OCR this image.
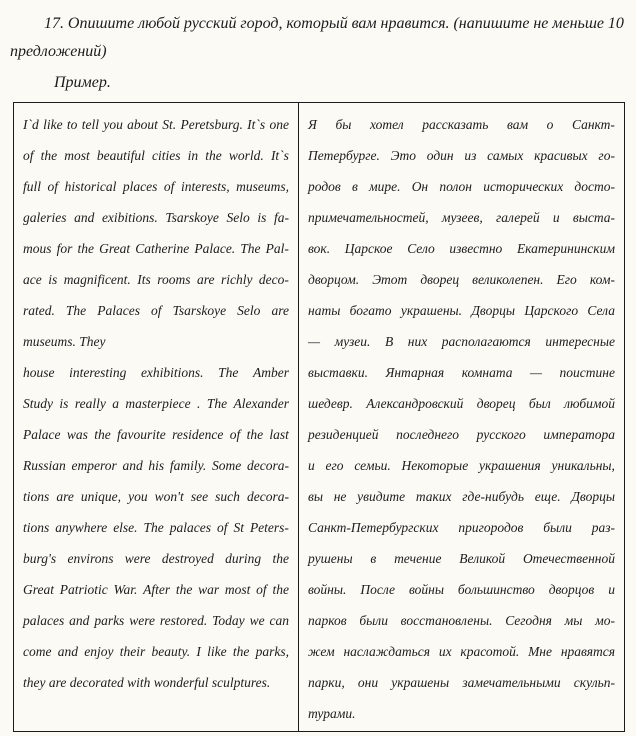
17. Опишите любой русский город, который вам нравится. (напишите не меньше 10
предложений)
Пример.
I`d like to tell you about St. Peretsburg. It`s one
of the most beautiful cities in the world. It`s
full of historical places of interests, museums,
galeries and exibitions. Tsarskoye Selo is fa-
mous for the Great Catherine Palace. The Pal-
ace is magnificent. Its rooms are richly deco-
rated. The Palaces of Tsarskoye Selo are
museums. They
house interesting exhibitions. The Amber
Study is really a masterpiece . The Alexander
Palace was the favourite residence of the last
Russian emperor and his family. Some decora-
tions are unique, you won't see such decora-
tions anywhere else. The palaces of St Peters-
burg's environs were destroyed during the
Great Patriotic War. After the war most of the
palaces and parks were restored. Today we can
come and enjoy their beauty. I like the parks,
they are decorated with wonderful sculptures.
Я бы хотел рассказать вам о Санкт-
Петербурге. Это один из самых красивых го-
родов в мире. Он полон исторических досто-
примечательностей, музеев, галерей и выста-
вок. Царское Село известно Екатерининским
дворцом. Этот дворец великолепен. Его ком-
наты богато украшены. Дворцы Царского Села
— музеи. В них располагаются интересные
выставки. Янтарная комната — поистине
шедевр. Александровский дворец был любимой
резиденцией последнего русского императора
и его семьи. Некоторые украшения уникальны,
вы не увидите таких где-нибудь еще. Дворцы
Санкт-Петербургских пригородов были раз-
рушены в течение Великой Отечественной
войны. После войны большинство дворцов и
парков были восстановлены. Сегодня мы мо-
жем наслаждаться их красотой. Мне нравятся
парки, они украшены замечательными скульп-
турами.
